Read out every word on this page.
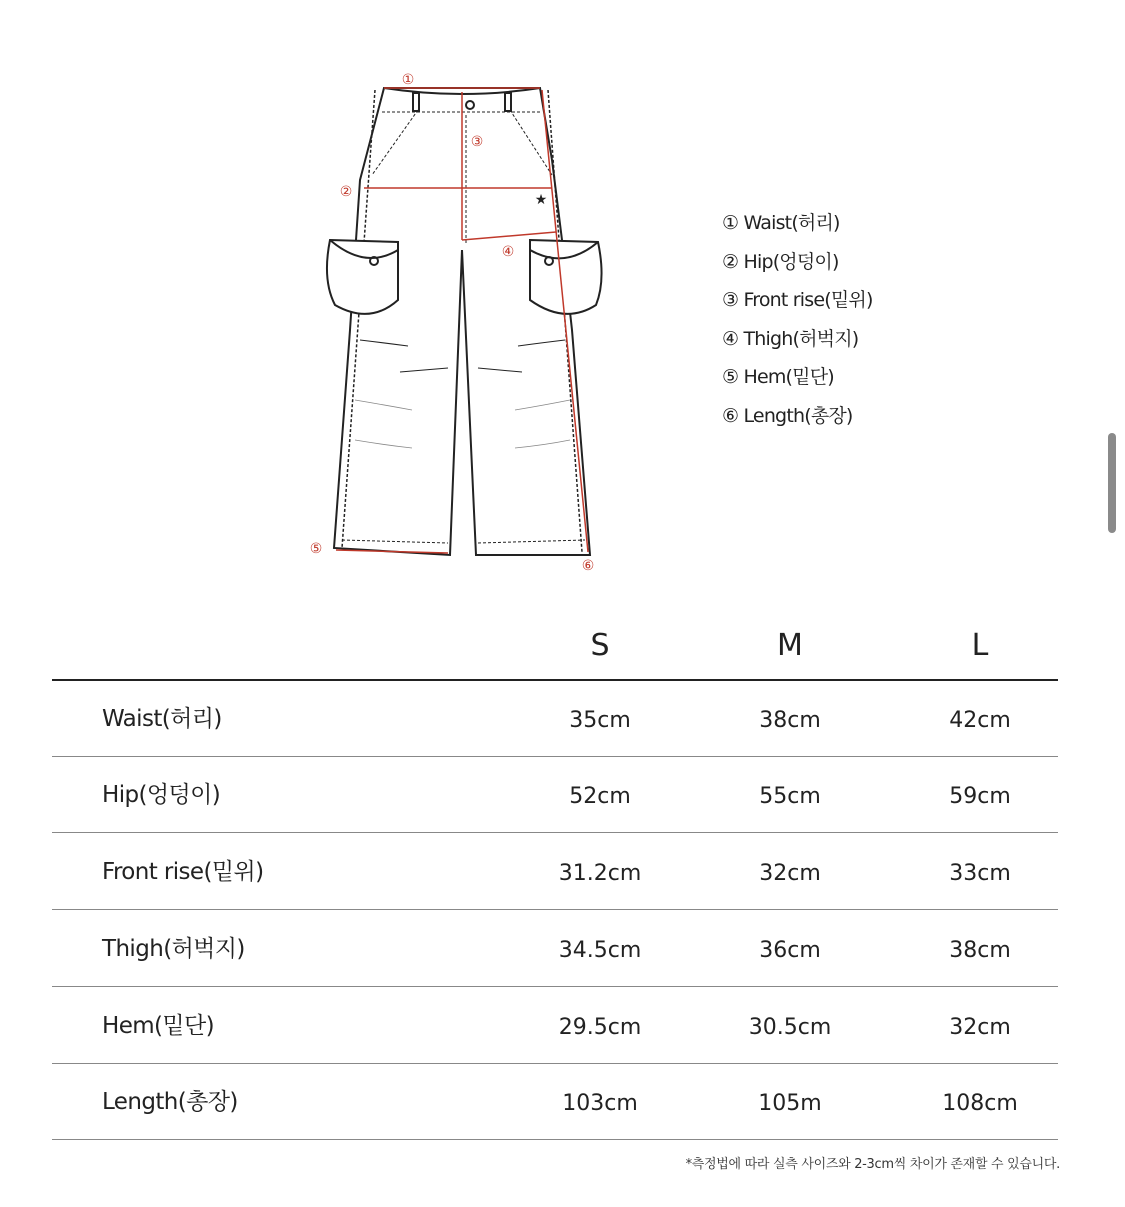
①
②
③
④
⑤
⑥
★
① Waist(허리)
② Hip(엉덩이)
③ Front rise(밑위)
④ Thigh(허벅지)
⑤ Hem(밑단)
⑥ Length(총장)
S	M	L
Waist(허리)	35cm	38cm	42cm
Hip(엉덩이)	52cm	55cm	59cm
Front rise(밑위)	31.2cm	32cm	33cm
Thigh(허벅지)	34.5cm	36cm	38cm
Hem(밑단)	29.5cm	30.5cm	32cm
Length(총장)	103cm	105m	108cm
*측정법에 따라 실측 사이즈와 2-3cm씩 차이가 존재할 수 있습니다.
